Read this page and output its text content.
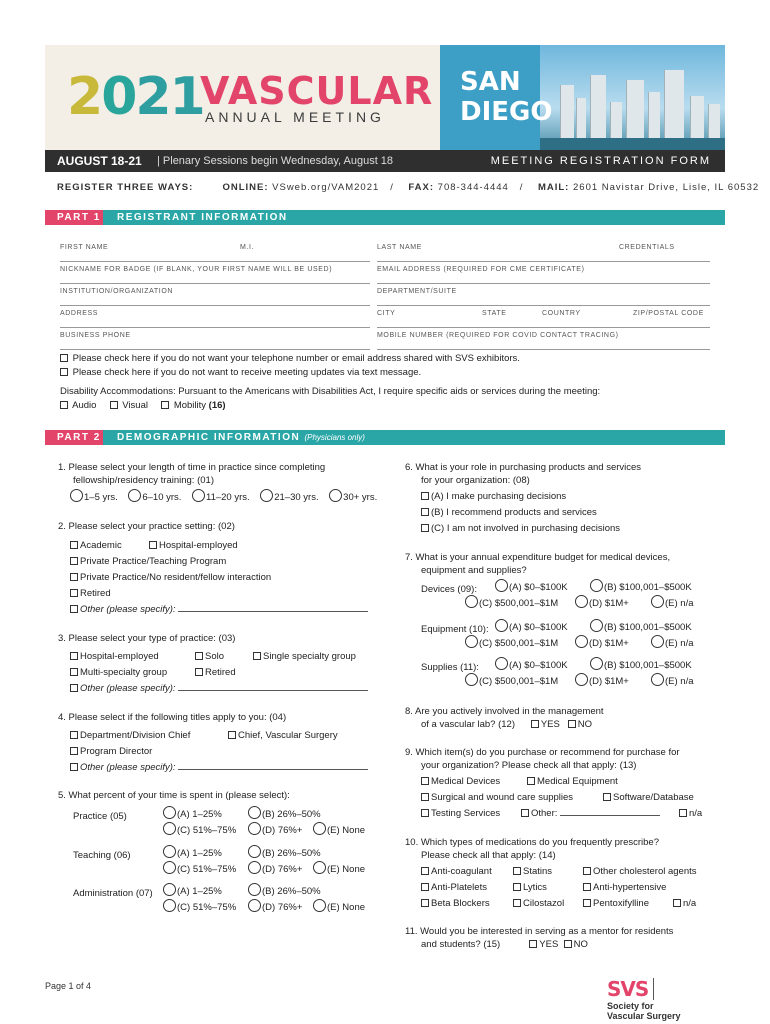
2021
VASCULAR
ANNUAL MEETING
SAN
DIEGO
AUGUST 18-21 | Plenary Sessions begin Wednesday, August 18	MEETING REGISTRATION FORM
REGISTER THREE WAYS:	ONLINE: VSweb.org/VAM2021 / FAX: 708-344-4444 / MAIL: 2601 Navistar Drive, Lisle, IL 60532
PART 1 REGISTRANT INFORMATION
FIRST NAME	M.I.	LAST NAME	CREDENTIALS
NICKNAME FOR BADGE (IF BLANK, YOUR FIRST NAME WILL BE USED)	EMAIL ADDRESS (REQUIRED FOR CME CERTIFICATE)
INSTITUTION/ORGANIZATION	DEPARTMENT/SUITE
ADDRESS	CITY	STATE	COUNTRY	ZIP/POSTAL CODE
BUSINESS PHONE	MOBILE NUMBER (REQUIRED FOR COVID CONTACT TRACING)
Please check here if you do not want your telephone number or email address shared with SVS exhibitors.
Please check here if you do not want to receive meeting updates via text message.
Disability Accommodations: Pursuant to the Americans with Disabilities Act, I require specific aids or services during the meeting:
Audio	Visual	Mobility (16)
PART 2 DEMOGRAPHIC INFORMATION (Physicians only)
1. Please select your length of time in practice since completing
fellowship/residency training: (01)
1–5 yrs.	6–10 yrs.	11–20 yrs.	21–30 yrs.	30+ yrs.
2. Please select your practice setting: (02)
Academic	Hospital-employed
Private Practice/Teaching Program
Private Practice/No resident/fellow interaction
Retired
Other (please specify):
3. Please select your type of practice: (03)
Hospital-employed	Solo	Single specialty group
Multi-specialty group	Retired
Other (please specify):
4. Please select if the following titles apply to you: (04)
Department/Division Chief	Chief, Vascular Surgery
Program Director
Other (please specify):
5. What percent of your time is spent in (please select):
Practice (05)	(A) 1–25%	(B) 26%–50%
(C) 51%–75%	(D) 76%+	(E) None
Teaching (06)	(A) 1–25%	(B) 26%–50%
(C) 51%–75%	(D) 76%+	(E) None
Administration (07)	(A) 1–25%	(B) 26%–50%
(C) 51%–75%	(D) 76%+	(E) None
6. What is your role in purchasing products and services
for your organization: (08)
(A) I make purchasing decisions
(B) I recommend products and services
(C) I am not involved in purchasing decisions
7. What is your annual expenditure budget for medical devices,
equipment and supplies?
Devices (09):	(A) $0–$100K	(B) $100,001–$500K
(C) $500,001–$1M	(D) $1M+	(E) n/a
Equipment (10):	(A) $0–$100K	(B) $100,001–$500K
(C) $500,001–$1M	(D) $1M+	(E) n/a
Supplies (11):	(A) $0–$100K	(B) $100,001–$500K
(C) $500,001–$1M	(D) $1M+	(E) n/a
8. Are you actively involved in the management
of a vascular lab? (12)	YES NO
9. Which item(s) do you purchase or recommend for purchase for
your organization? Please check all that apply: (13)
Medical Devices	Medical Equipment
Surgical and wound care supplies	Software/Database
Testing Services	Other:	n/a
10. Which types of medications do you frequently prescribe?
Please check all that apply: (14)
Anti-coagulant	Statins	Other cholesterol agents
Anti-Platelets	Lytics	Anti-hypertensive
Beta Blockers	Cilostazol	Pentoxifylline	n/a
11. Would you be interested in serving as a mentor for residents
and students? (15)	YES NO
Page 1 of 4	SVSSociety for
Vascular Surgery
